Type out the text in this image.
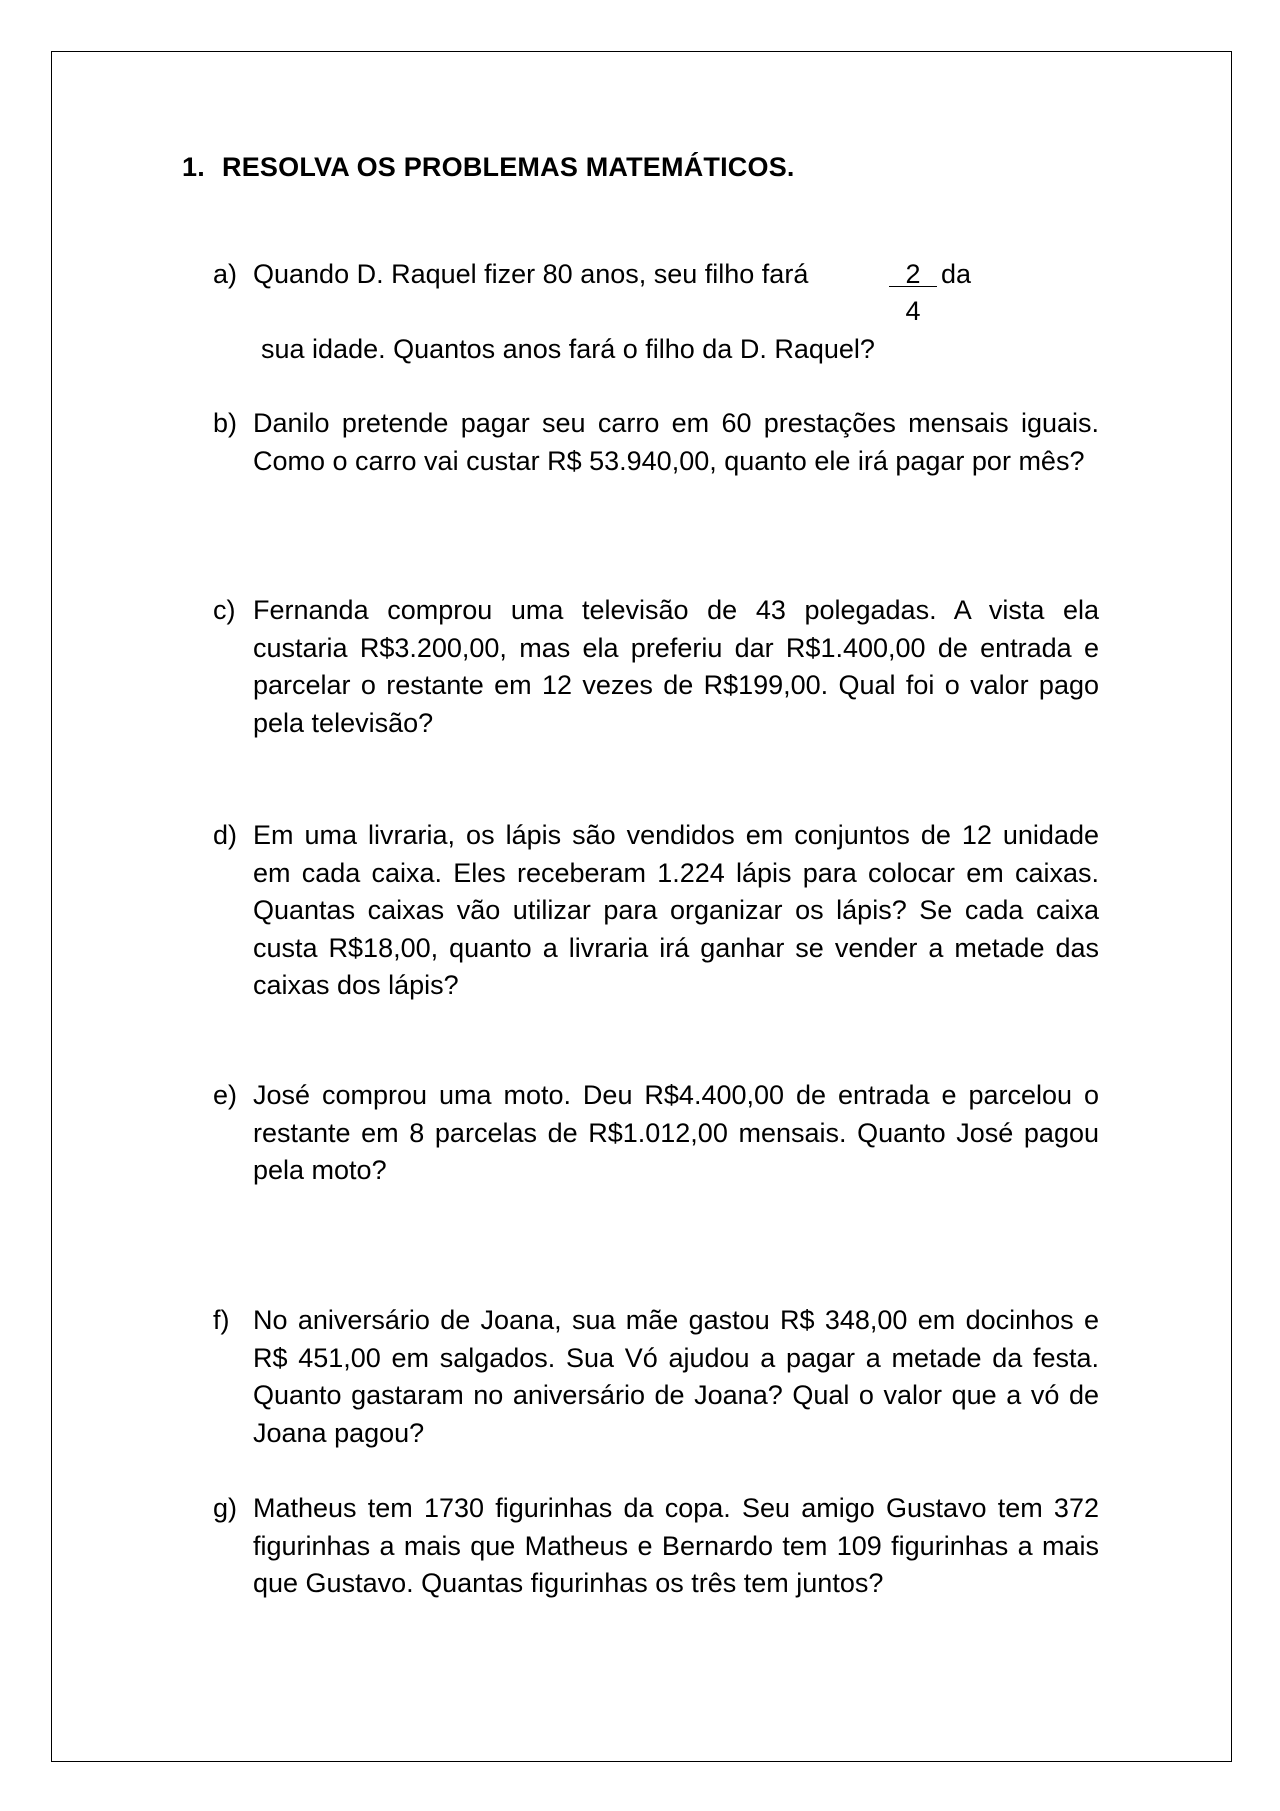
1. RESOLVA OS PROBLEMAS MATEMÁTICOS.
a) Quando D. Raquel fizer 80 anos, seu filho fará	2
4
da
sua idade. Quantos anos fará o filho da D. Raquel?
b) Danilo pretende pagar seu carro em 60 prestações mensais iguais. Como o carro vai custar R$ 53.940,00, quanto ele irá pagar por mês?
c) Fernanda comprou uma televisão de 43 polegadas. A vista ela custaria R$3.200,00, mas ela preferiu dar R$1.400,00 de entrada e parcelar o restante em 12 vezes de R$199,00. Qual foi o valor pago pela televisão?
d) Em uma livraria, os lápis são vendidos em conjuntos de 12 unidade em cada caixa. Eles receberam 1.224 lápis para colocar em caixas. Quantas caixas vão utilizar para organizar os lápis? Se cada caixa custa R$18,00, quanto a livraria irá ganhar se vender a metade das caixas dos lápis?
e) José comprou uma moto. Deu R$4.400,00 de entrada e parcelou o restante em 8 parcelas de R$1.012,00 mensais. Quanto José pagou pela moto?
f) No aniversário de Joana, sua mãe gastou R$ 348,00 em docinhos e R$ 451,00 em salgados. Sua Vó ajudou a pagar a metade da festa. Quanto gastaram no aniversário de Joana? Qual o valor que a vó de Joana pagou?
g) Matheus tem 1730 figurinhas da copa. Seu amigo Gustavo tem 372 figurinhas a mais que Matheus e Bernardo tem 109 figurinhas a mais que Gustavo. Quantas figurinhas os três tem juntos?
